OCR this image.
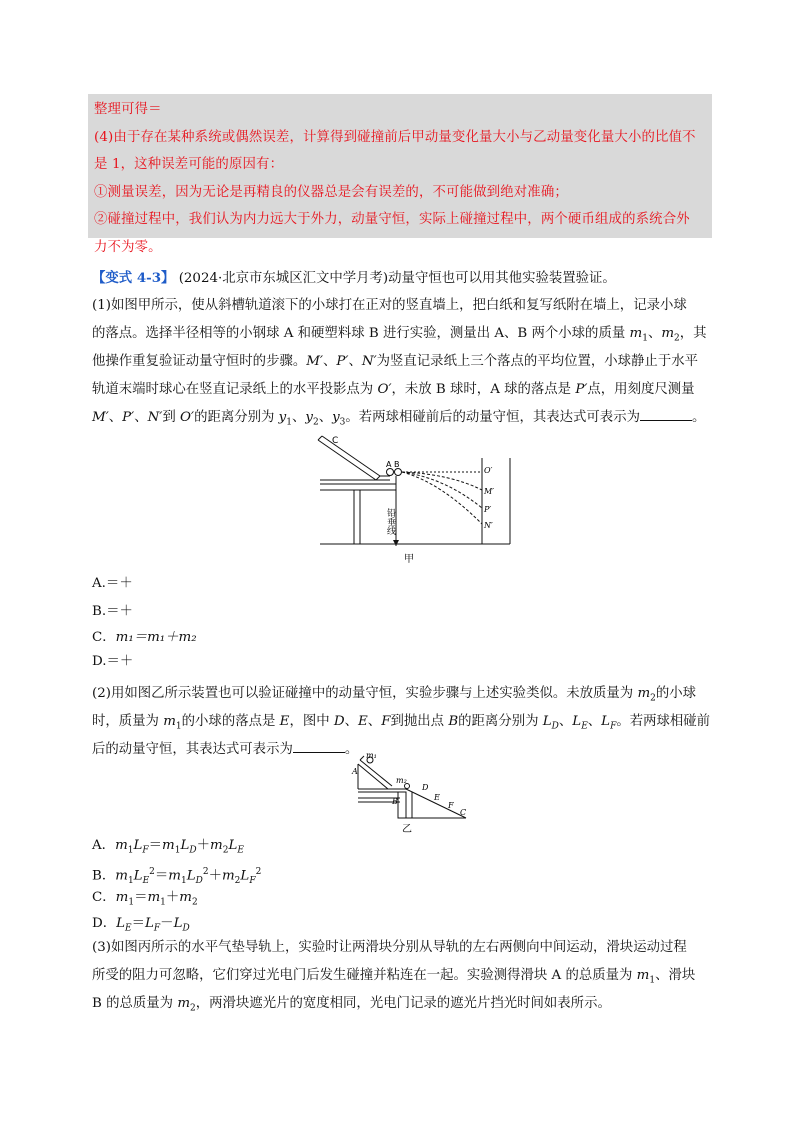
整理可得＝
(4)由于存在某种系统或偶然误差，计算得到碰撞前后甲动量变化量大小与乙动量变化量大小的比值不
是 1，这种误差可能的原因有：
①测量误差，因为无论是再精良的仪器总是会有误差的，不可能做到绝对准确；
②碰撞过程中，我们认为内力远大于外力，动量守恒，实际上碰撞过程中，两个硬币组成的系统合外
力不为零。
【变式 4-3】 (2024·北京市东城区汇文中学月考)动量守恒也可以用其他实验装置验证。
(1)如图甲所示，使从斜槽轨道滚下的小球打在正对的竖直墙上，把白纸和复写纸附在墙上，记录小球
的落点。选择半径相等的小钢球 A 和硬塑料球 B 进行实验，测量出 A、B 两个小球的质量 $m_1$、$m_2$，其
他操作重复验证动量守恒时的步骤。M′、P′、N′为竖直记录纸上三个落点的平均位置，小球静止于水平
轨道末端时球心在竖直记录纸上的水平投影点为 O′，未放 B 球时，A 球的落点是 P′点，用刻度尺测量
M′、P′、N′到 O′的距离分别为 $y_1$、$y_2$、$y_3$。若两球相碰前后的动量守恒，其表达式可表示为	。
C
A B
O′
M′
P′
N′
铅垂线
甲
A.＝＋
B.＝＋
C．m₁＝m₁＋m₂
D.＝＋
(2)用如图乙所示装置也可以验证碰撞中的动量守恒，实验步骤与上述实验类似。未放质量为 $m_2$的小球
时，质量为 $m_1$的小球的落点是 E，图中 D、E、F到抛出点 B的距离分别为 $L_D$、$L_E$、$L_F$。若两球相碰前
后的动量守恒，其表达式可表示为	。 m₁
m₂
A
B
D
E
F
C
乙
A．$m_1L_F=m_1L_D+m_2L_E$
B．$m_1L_E^2=m_1L_D^2+m_2L_F^2$
C．$m_1=m_1+m_2$
D．$L_E=L_F-L_D$
(3)如图丙所示的水平气垫导轨上，实验时让两滑块分别从导轨的左右两侧向中间运动，滑块运动过程
所受的阻力可忽略，它们穿过光电门后发生碰撞并粘连在一起。实验测得滑块 A 的总质量为 $m_1$、滑块
B 的总质量为 $m_2$，两滑块遮光片的宽度相同，光电门记录的遮光片挡光时间如表所示。
